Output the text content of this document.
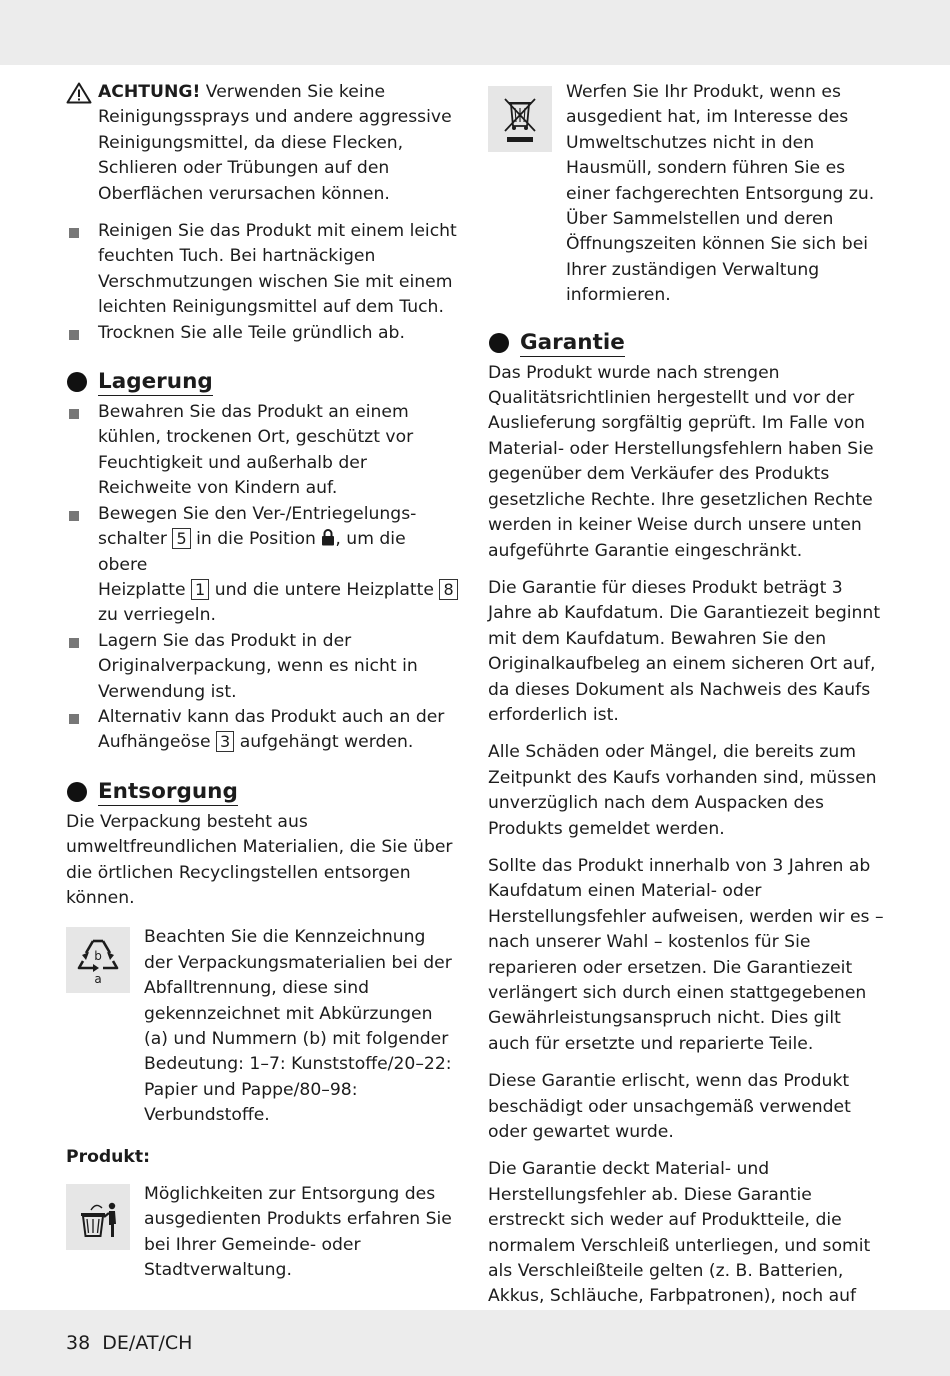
ACHTUNG! Verwenden Sie keine Reinigungssprays und andere aggressive Reinigungsmittel, da diese Flecken, Schlieren oder Trübungen auf den Oberflächen verursachen können.

Reinigen Sie das Produkt mit einem leicht feuchten Tuch. Bei hartnäckigen Verschmutzungen wischen Sie mit einem leichten Reinigungsmittel auf dem Tuch.

Trocknen Sie alle Teile gründlich ab.

Lagerung

Bewahren Sie das Produkt an einem kühlen, trockenen Ort, geschützt vor Feuchtigkeit und außerhalb der Reichweite von Kindern auf.

Bewegen Sie den Ver-/Entriegelungs-
schalter 5 in die Position , um die obere
Heizplatte 1 und die untere Heizplatte 8
zu verriegeln.

Lagern Sie das Produkt in der Originalverpackung, wenn es nicht in Verwendung ist.

Alternativ kann das Produkt auch an der
Aufhängeöse 3 aufgehängt werden.

Entsorgung

Die Verpackung besteht aus umweltfreundlichen Materialien, die Sie über die örtlichen Recyclingstellen entsorgen können.

b
a

Beachten Sie die Kennzeichnung der Verpackungsmaterialien bei der Abfalltrennung, diese sind gekennzeichnet mit Abkürzungen (a) und Nummern (b) mit folgender Bedeutung: 1–7: Kunststoffe/20–22: Papier und Pappe/80–98: Verbundstoffe.

Produkt:

Möglichkeiten zur Entsorgung des ausgedienten Produkts erfahren Sie bei Ihrer Gemeinde- oder Stadtverwaltung.

Werfen Sie Ihr Produkt, wenn es ausgedient hat, im Interesse des Umweltschutzes nicht in den Hausmüll, sondern führen Sie es einer fachgerechten Entsorgung zu. Über Sammelstellen und deren Öffnungszeiten können Sie sich bei Ihrer zuständigen Verwaltung informieren.

Garantie

Das Produkt wurde nach strengen Qualitätsrichtlinien hergestellt und vor der Auslieferung sorgfältig geprüft. Im Falle von Material- oder Herstellungsfehlern haben Sie gegenüber dem Verkäufer des Produkts gesetzliche Rechte. Ihre gesetzlichen Rechte werden in keiner Weise durch unsere unten aufgeführte Garantie eingeschränkt.

Die Garantie für dieses Produkt beträgt 3 Jahre ab Kaufdatum. Die Garantiezeit beginnt mit dem Kaufdatum. Bewahren Sie den Originalkaufbeleg an einem sicheren Ort auf, da dieses Dokument als Nachweis des Kaufs erforderlich ist.

Alle Schäden oder Mängel, die bereits zum Zeitpunkt des Kaufs vorhanden sind, müssen unverzüglich nach dem Auspacken des Produkts gemeldet werden.

Sollte das Produkt innerhalb von 3 Jahren ab Kaufdatum einen Material- oder Herstellungsfehler aufweisen, werden wir es – nach unserer Wahl – kostenlos für Sie reparieren oder ersetzen. Die Garantiezeit verlängert sich durch einen stattgegebenen Gewährleistungsanspruch nicht. Dies gilt auch für ersetzte und reparierte Teile.

Diese Garantie erlischt, wenn das Produkt beschädigt oder unsachgemäß verwendet oder gewartet wurde.

Die Garantie deckt Material- und Herstellungsfehler ab. Diese Garantie erstreckt sich weder auf Produktteile, die normalem Verschleiß unterliegen, und somit als Verschleißteile gelten (z. B. Batterien, Akkus, Schläuche, Farbpatronen), noch auf

38 DE/AT/CH
